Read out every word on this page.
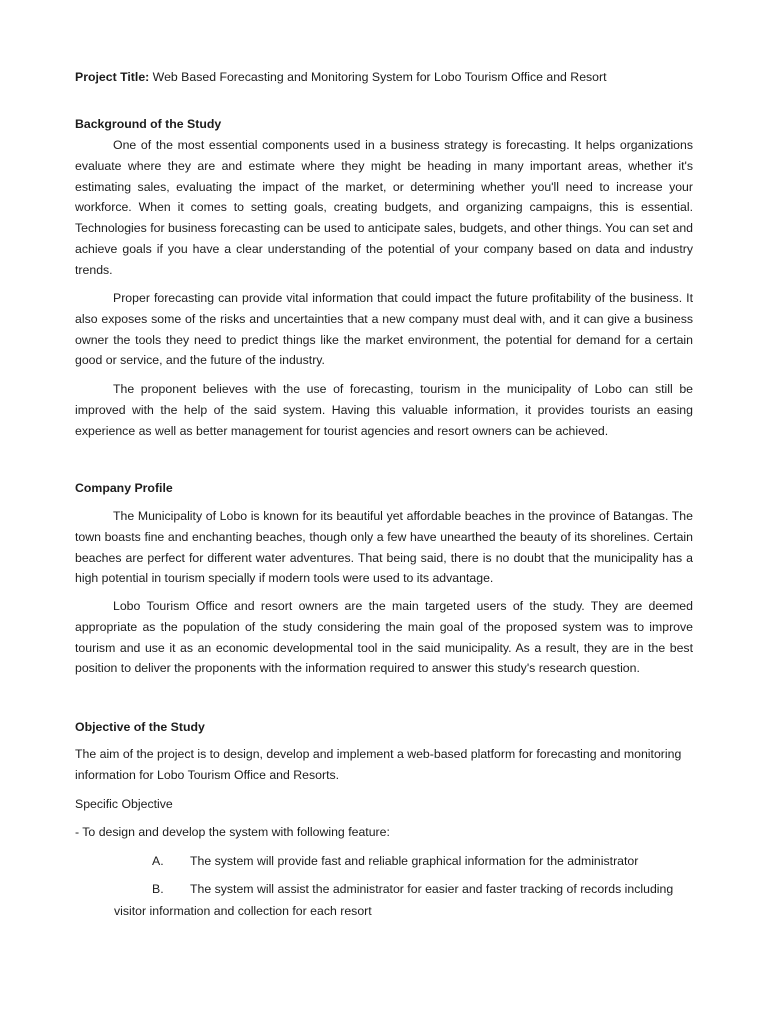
Project Title: Web Based Forecasting and Monitoring System for Lobo Tourism Office and Resort
Background of the Study
One of the most essential components used in a business strategy is forecasting. It helps organizations evaluate where they are and estimate where they might be heading in many important areas, whether it's estimating sales, evaluating the impact of the market, or determining whether you'll need to increase your workforce. When it comes to setting goals, creating budgets, and organizing campaigns, this is essential. Technologies for business forecasting can be used to anticipate sales, budgets, and other things. You can set and achieve goals if you have a clear understanding of the potential of your company based on data and industry trends.
Proper forecasting can provide vital information that could impact the future profitability of the business. It also exposes some of the risks and uncertainties that a new company must deal with, and it can give a business owner the tools they need to predict things like the market environment, the potential for demand for a certain good or service, and the future of the industry.
The proponent believes with the use of forecasting, tourism in the municipality of Lobo can still be improved with the help of the said system. Having this valuable information, it provides tourists an easing experience as well as better management for tourist agencies and resort owners can be achieved.
Company Profile
The Municipality of Lobo is known for its beautiful yet affordable beaches in the province of Batangas. The town boasts fine and enchanting beaches, though only a few have unearthed the beauty of its shorelines. Certain beaches are perfect for different water adventures. That being said, there is no doubt that the municipality has a high potential in tourism specially if modern tools were used to its advantage.
Lobo Tourism Office and resort owners are the main targeted users of the study. They are deemed appropriate as the population of the study considering the main goal of the proposed system was to improve tourism and use it as an economic developmental tool in the said municipality. As a result, they are in the best position to deliver the proponents with the information required to answer this study's research question.
Objective of the Study
The aim of the project is to design, develop and implement a web-based platform for forecasting and monitoring information for Lobo Tourism Office and Resorts.
Specific Objective
- To design and develop the system with following feature:
A. The system will provide fast and reliable graphical information for the administrator
B. The system will assist the administrator for easier and faster tracking of records including
visitor information and collection for each resort
